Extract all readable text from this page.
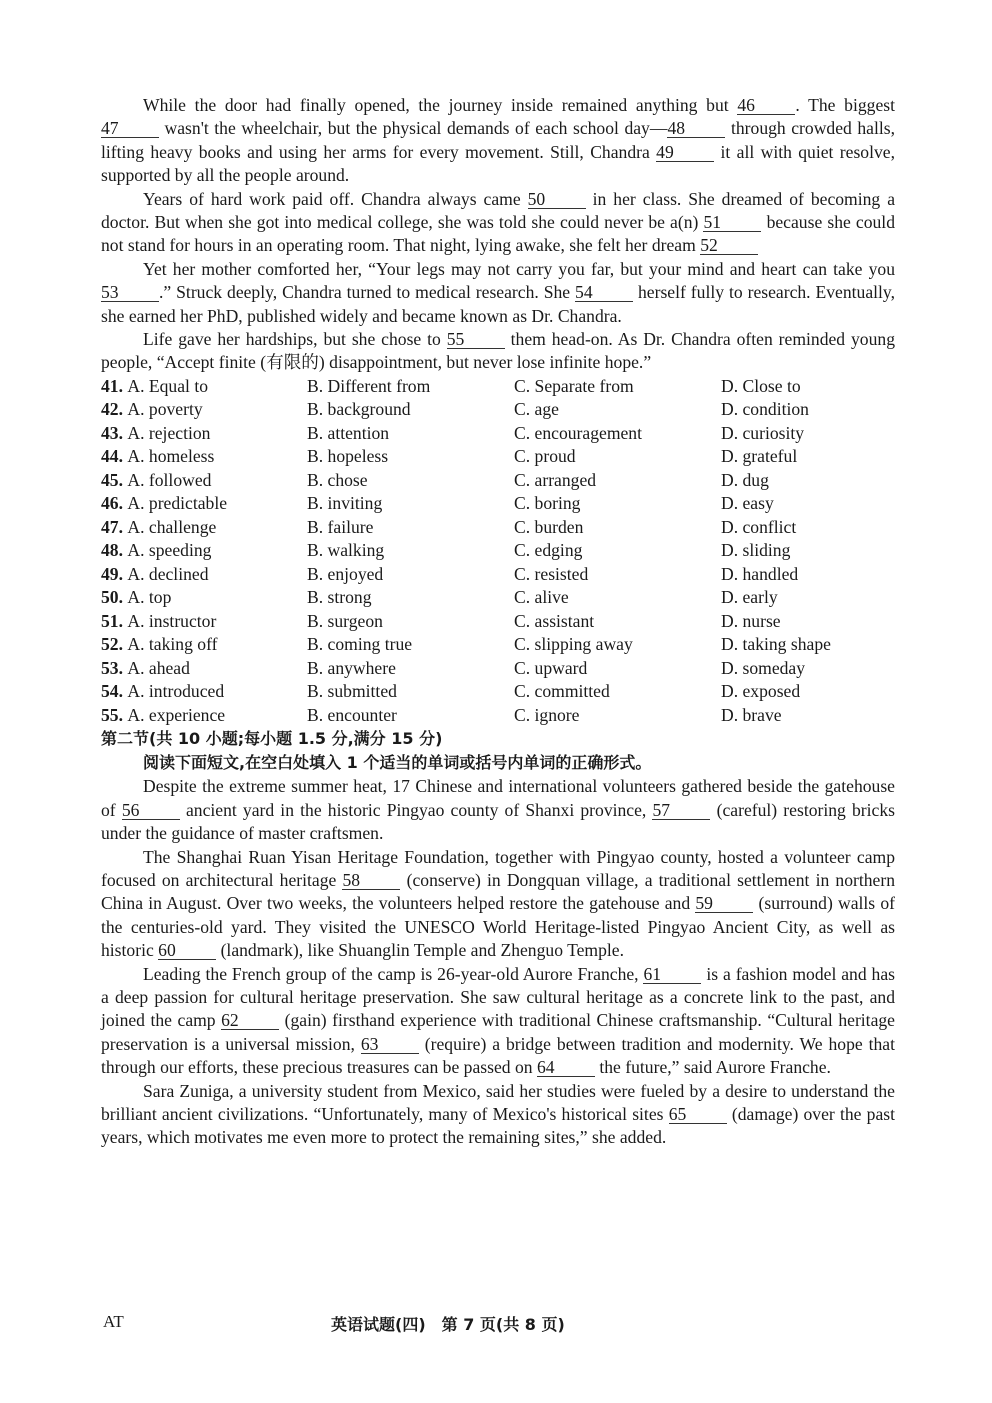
While the door had finally opened, the journey inside remained anything but 46 . The biggest 47 wasn't the wheelchair, but the physical demands of each school day—48 through crowded halls, lifting heavy books and using her arms for every movement. Still, Chandra 49 it all with quiet resolve, supported by all the people around.

Years of hard work paid off. Chandra always came 50 in her class. She dreamed of becoming a doctor. But when she got into medical college, she was told she could never be a(n) 51 because she could not stand for hours in an operating room. That night, lying awake, she felt her dream 52

Yet her mother comforted her, “Your legs may not carry you far, but your mind and heart can take you 53 .” Struck deeply, Chandra turned to medical research. She 54 herself fully to research. Eventually, she earned her PhD, published widely and became known as Dr. Chandra.

Life gave her hardships, but she chose to 55 them head-on. As Dr. Chandra often reminded young people, “Accept finite (有限的) disappointment, but never lose infinite hope.”

41. A. Equal to	B. Different from	C. Separate from	D. Close to
42. A. poverty	B. background	C. age	D. condition
43. A. rejection	B. attention	C. encouragement	D. curiosity
44. A. homeless	B. hopeless	C. proud	D. grateful
45. A. followed	B. chose	C. arranged	D. dug
46. A. predictable	B. inviting	C. boring	D. easy
47. A. challenge	B. failure	C. burden	D. conflict
48. A. speeding	B. walking	C. edging	D. sliding
49. A. declined	B. enjoyed	C. resisted	D. handled
50. A. top	B. strong	C. alive	D. early
51. A. instructor	B. surgeon	C. assistant	D. nurse
52. A. taking off	B. coming true	C. slipping away	D. taking shape
53. A. ahead	B. anywhere	C. upward	D. someday
54. A. introduced	B. submitted	C. committed	D. exposed
55. A. experience	B. encounter	C. ignore	D. brave

第二节(共 10 小题;每小题 1.5 分,满分 15 分)

阅读下面短文,在空白处填入 1 个适当的单词或括号内单词的正确形式。

Despite the extreme summer heat, 17 Chinese and international volunteers gathered beside the gatehouse of 56 ancient yard in the historic Pingyao county of Shanxi province, 57 (careful) restoring bricks under the guidance of master craftsmen.

The Shanghai Ruan Yisan Heritage Foundation, together with Pingyao county, hosted a volunteer camp focused on architectural heritage 58 (conserve) in Dongquan village, a traditional settlement in northern China in August. Over two weeks, the volunteers helped restore the gatehouse and 59 (surround) walls of the centuries-old yard. They visited the UNESCO World Heritage-listed Pingyao Ancient City, as well as historic 60 (landmark), like Shuanglin Temple and Zhenguo Temple.

Leading the French group of the camp is 26-year-old Aurore Franche, 61 is a fashion model and has a deep passion for cultural heritage preservation. She saw cultural heritage as a concrete link to the past, and joined the camp 62 (gain) firsthand experience with traditional Chinese craftsmanship. “Cultural heritage preservation is a universal mission, 63 (require) a bridge between tradition and modernity. We hope that through our efforts, these precious treasures can be passed on 64 the future,” said Aurore Franche.

Sara Zuniga, a university student from Mexico, said her studies were fueled by a desire to understand the brilliant ancient civilizations. “Unfortunately, many of Mexico's historical sites 65 (damage) over the past years, which motivates me even more to protect the remaining sites,” she added.

AT	英语试题(四)　第 7 页(共 8 页)
